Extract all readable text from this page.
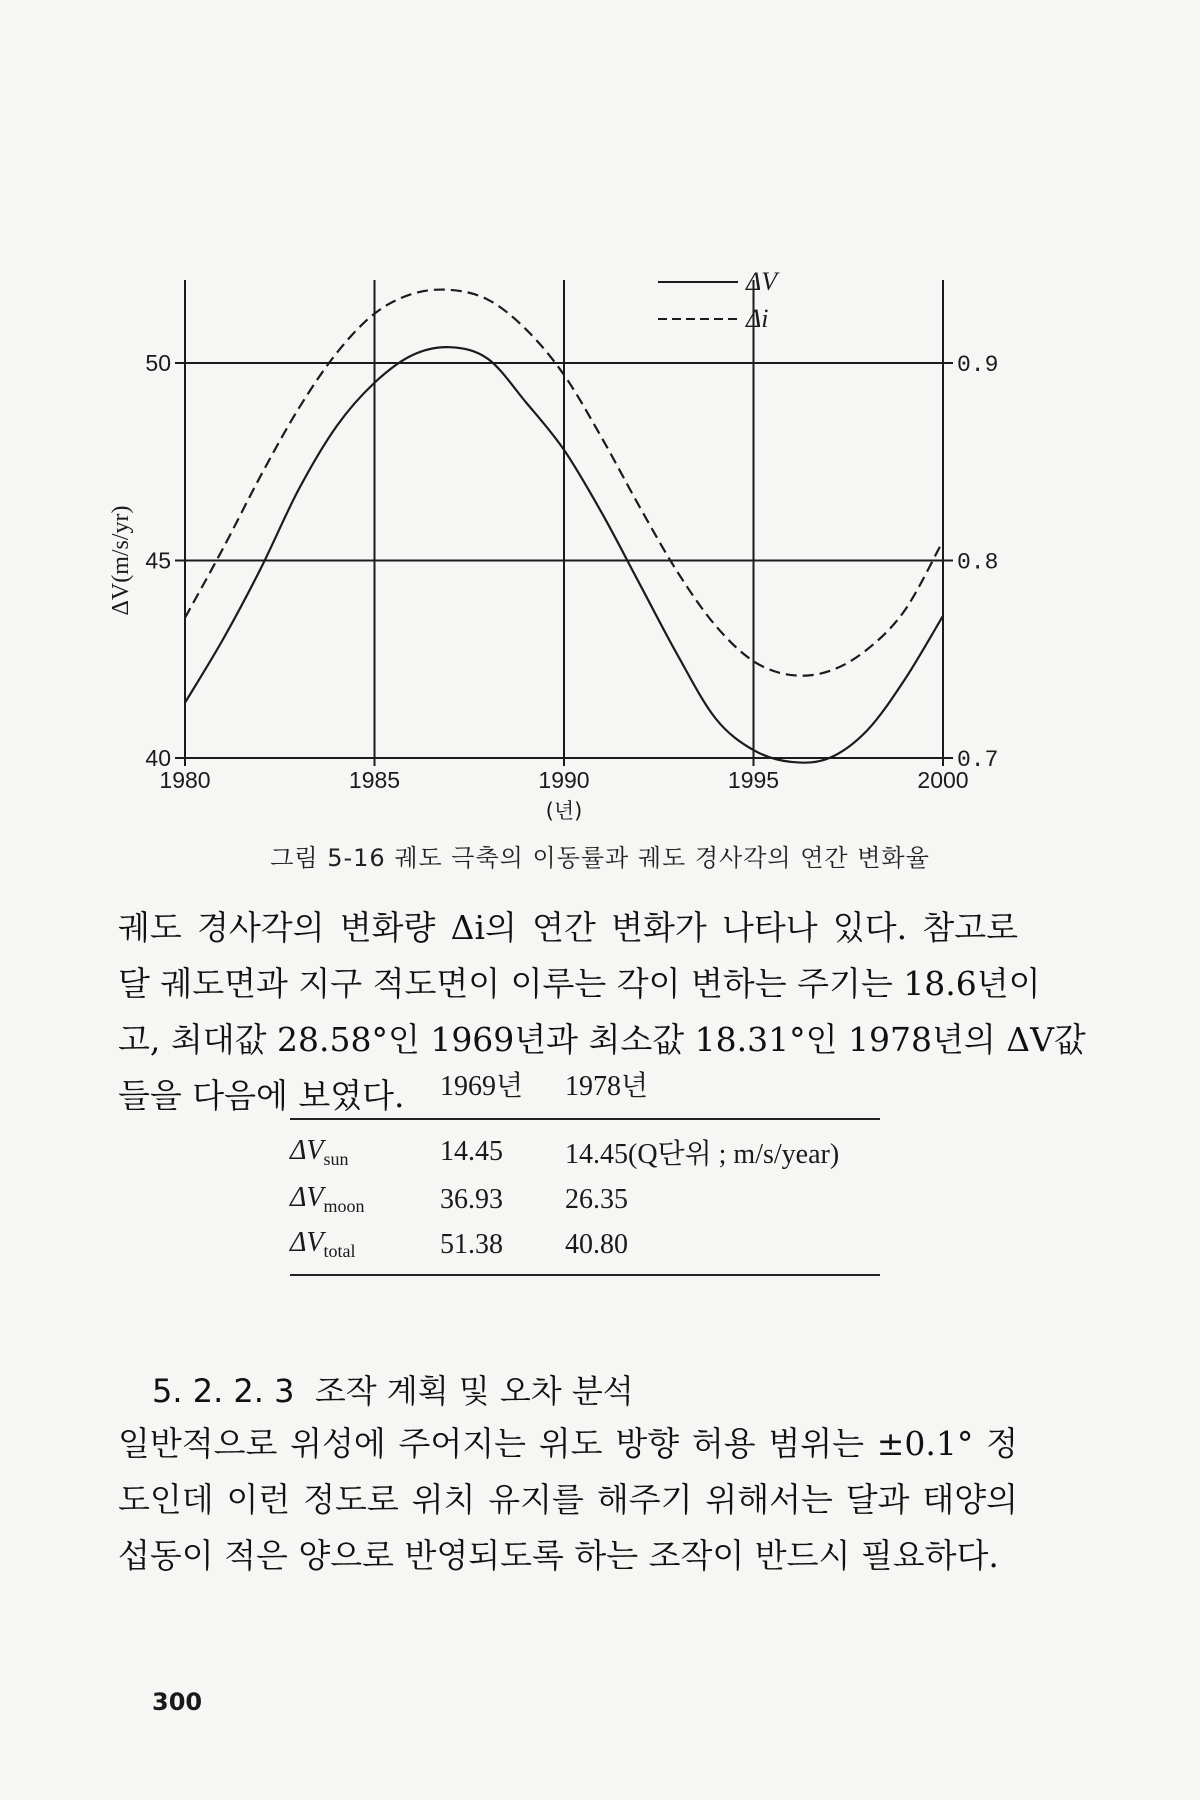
1980	1985	1990	1995	2000
40
45
50
0.7
0.8
0.9
(년)
ΔV(m/s/yr)
ΔV
Δi
그림 5-16 궤도 극축의 이동률과 궤도 경사각의 연간 변화율
궤도 경사각의 변화량 Δi의 연간 변화가 나타나 있다. 참고로
달 궤도면과 지구 적도면이 이루는 각이 변하는 주기는 18.6년이
고, 최대값 28.58°인 1969년과 최소값 18.31°인 1978년의 ΔV값
들을 다음에 보였다.
		1969년	1978년
$\Delta V_{sun}$	14.45	14.45(Q단위 ; m/s/year)
$\Delta V_{moon}$	36.93	26.35
$\Delta V_{total}$	51.38	40.80
5. 2. 2. 3 조작 계획 및 오차 분석
일반적으로 위성에 주어지는 위도 방향 허용 범위는 ±0.1° 정
도인데 이런 정도로 위치 유지를 해주기 위해서는 달과 태양의
섭동이 적은 양으로 반영되도록 하는 조작이 반드시 필요하다.
300
